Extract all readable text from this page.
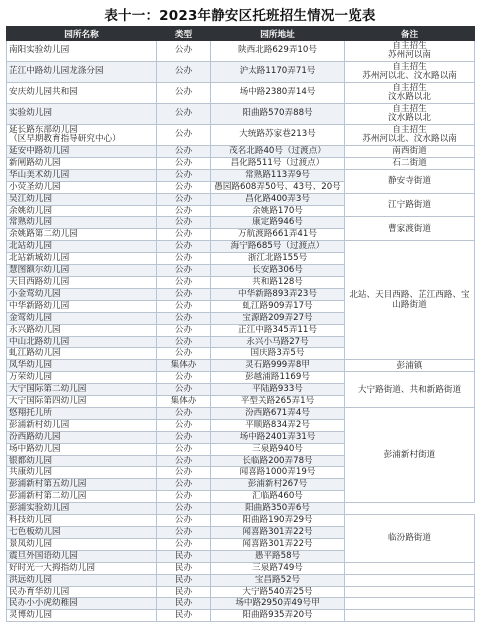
表十一：2023年静安区托班招生情况一览表
园所名称	类型	园所地址	备注
南阳实验幼儿园	公办	陕西北路629弄10号	自主招生
苏州河以南

芷江中路幼儿园龙涤分园	公办	沪太路1170弄71号	自主招生
苏州河以北、汶水路以南

安庆幼儿园共和园	公办	场中路2380弄14号	自主招生
汶水路以北

实验幼儿园	公办	阳曲路570弄88号	自主招生
汶水路以北

延长路东部幼儿园
（区早期教育指导研究中心）	公办	大统路苏家巷213号	自主招生
苏州河以北、汶水路以南

延安中路幼儿园	公办	茂名北路40号（过渡点）	南西街道
新闸路幼儿园	公办	昌化路511号（过渡点）	石二街道
华山美术幼儿园	公办	常熟路113弄9号	静安寺街道
小荧圣幼儿园	公办	愚园路608弄50号、43号、20号	
吴江幼儿园	公办	昌化路400弄3号	江宁路街道
余姚幼儿园	公办	余姚路170号	
常熟幼儿园	公办	康定路946号	曹家渡街道
余姚路第二幼儿园	公办	万航渡路661弄41号	
北站幼儿园	公办	海宁路685号（过渡点）	北站、天目西路、芷江西路、宝山路街道
北站新城幼儿园	公办	浙江北路155号	
慧图额尔幼儿园	公办	长安路306号	
天目西路幼儿园	公办	共和路128号	
小金莺幼儿园	公办	中华新路893弄23号	
中华新路幼儿园	公办	虬江路909弄17号	
金莺幼儿园	公办	宝源路209弄27号	
永兴路幼儿园	公办	正江中路345弄11号	
中山北路幼儿园	公办	永兴小马路27号	
虬江路幼儿园	公办	国庆路3弄5号	
凤华幼儿园	集体办	灵石路999弄8甲	彭浦镇
万荣幼儿园	公办	彭越浦路1169号	大宁路街道、共和新路街道
大宁国际第二幼儿园	公办	平陆路933号	
大宁国际第四幼儿园	集体办	平型关路265弄1号	
悠翔托儿所	公办	汾西路671弄4号	彭浦新村街道
彭浦新村幼儿园	公办	平顺路834弄2号	
汾西路幼儿园	公办	场中路2401弄31号	
场中路幼儿园	公办	三泉路940号	
银都幼儿园	公办	长临路200弄78号	
共康幼儿园	公办	闻喜路1000弄19号	
彭浦新村第五幼儿园	公办	彭浦新村267号	
彭浦新村第二幼儿园	公办	汇临路460号	
彭浦实验幼儿园	公办	阳曲路350弄6号	
科技幼儿园	公办	阳曲路190弄29号	临汾路街道
七色板幼儿园	公办	闻喜路301弄22号	
景凤幼儿园	公办	闻喜路301弄22号	
震旦外国语幼儿园	民办	愚平路58号	
好时光一大拇指幼儿园	民办	三泉路749号	
洪远幼儿园	民办	宝昌路52号	
民办育华幼儿园	民办	大宁路540弄25号	
民办小小虎幼稚园	民办	场中路2950弄49号甲	
灵博幼儿园	民办	阳曲路935弄20号	
